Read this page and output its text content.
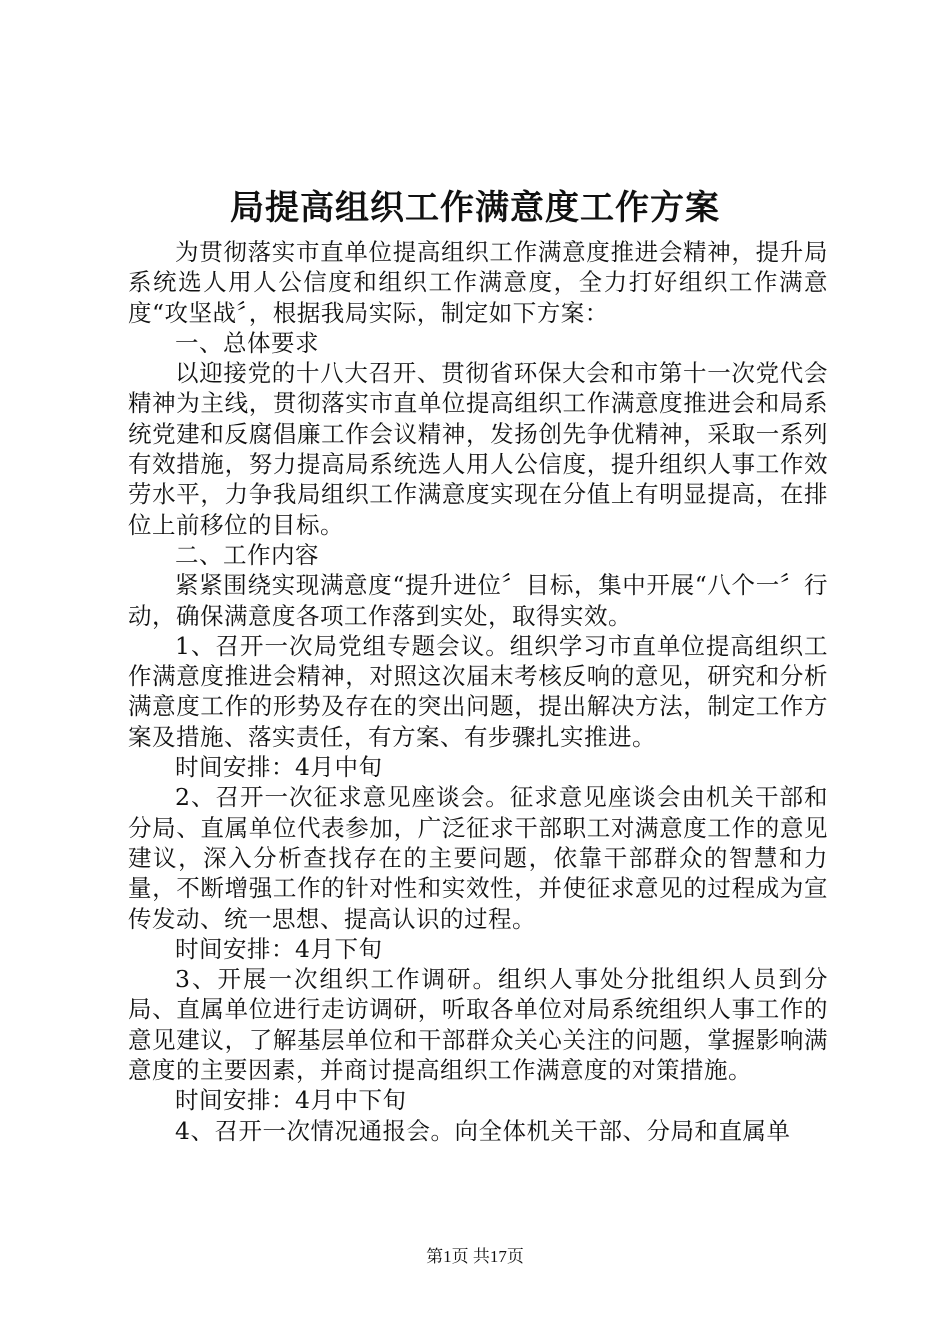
局提高组织工作满意度工作方案

为贯彻落实市直单位提高组织工作满意度推进会精神，提升局系统选人用人公信度和组织工作满意度，全力打好组织工作满意度“攻坚战〞，根据我局实际，制定如下方案：

一、总体要求

以迎接党的十八大召开、贯彻省环保大会和市第十一次党代会精神为主线，贯彻落实市直单位提高组织工作满意度推进会和局系统党建和反腐倡廉工作会议精神，发扬创先争优精神，采取一系列有效措施，努力提高局系统选人用人公信度，提升组织人事工作效劳水平，力争我局组织工作满意度实现在分值上有明显提高，在排位上前移位的目标。

二、工作内容

紧紧围绕实现满意度“提升进位〞目标，集中开展“八个一〞行动，确保满意度各项工作落到实处，取得实效。

1、召开一次局党组专题会议。组织学习市直单位提高组织工作满意度推进会精神，对照这次届末考核反响的意见，研究和分析满意度工作的形势及存在的突出问题，提出解决方法，制定工作方案及措施、落实责任，有方案、有步骤扎实推进。

时间安排：4月中旬

2、召开一次征求意见座谈会。征求意见座谈会由机关干部和分局、直属单位代表参加，广泛征求干部职工对满意度工作的意见建议，深入分析查找存在的主要问题，依靠干部群众的智慧和力量，不断增强工作的针对性和实效性，并使征求意见的过程成为宣传发动、统一思想、提高认识的过程。

时间安排：4月下旬

3、开展一次组织工作调研。组织人事处分批组织人员到分局、直属单位进行走访调研，听取各单位对局系统组织人事工作的意见建议，了解基层单位和干部群众关心关注的问题，掌握影响满意度的主要因素，并商讨提高组织工作满意度的对策措施。

时间安排：4月中下旬

4、召开一次情况通报会。向全体机关干部、分局和直属单

第1页 共17页
